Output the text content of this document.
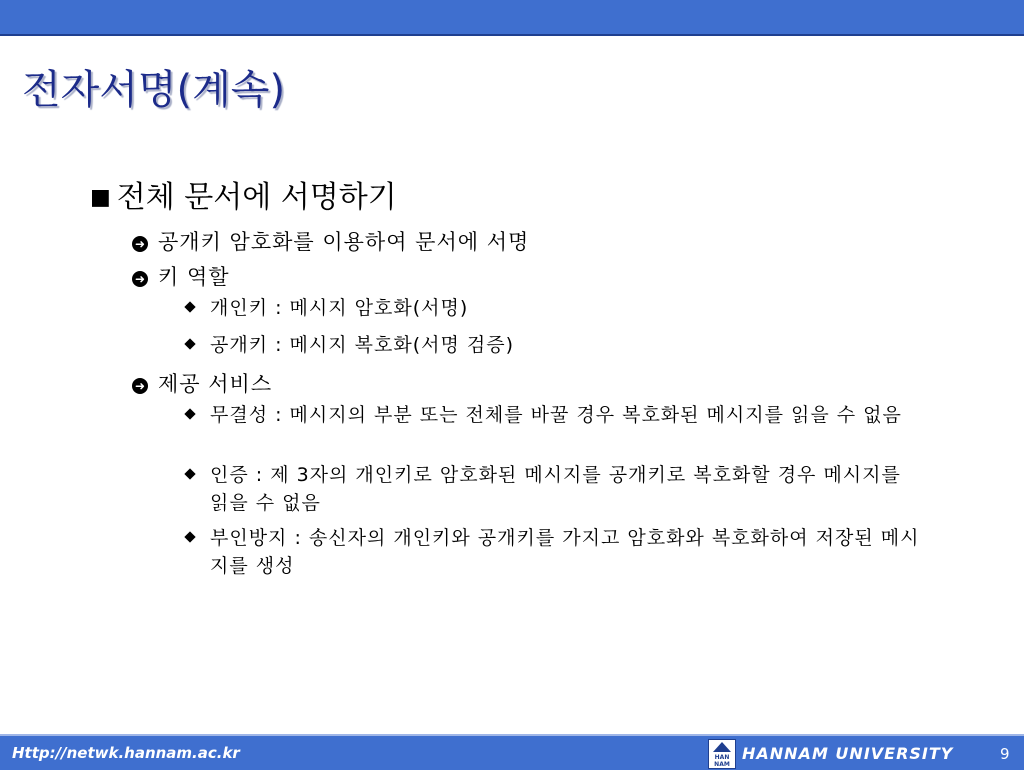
전자서명(계속)
■ 전체 문서에 서명하기
➜ 공개키 암호화를 이용하여 문서에 서명
➜ 키 역할
개인키 : 메시지 암호화(서명)
공개키 : 메시지 복호화(서명 검증)
➜ 제공 서비스
무결성 : 메시지의 부분 또는 전체를 바꿀 경우 복호화된 메시지를 읽을 수 없음
인증 : 제 3자의 개인키로 암호화된 메시지를 공개키로 복호화할 경우 메시지를 읽을 수 없음
부인방지 : 송신자의 개인키와 공개키를 가지고 암호화와 복호화하여 저장된 메시지를 생성
Http://netwk.hannam.ac.kr	HAN NAM
HANNAM UNIVERSITY	9
